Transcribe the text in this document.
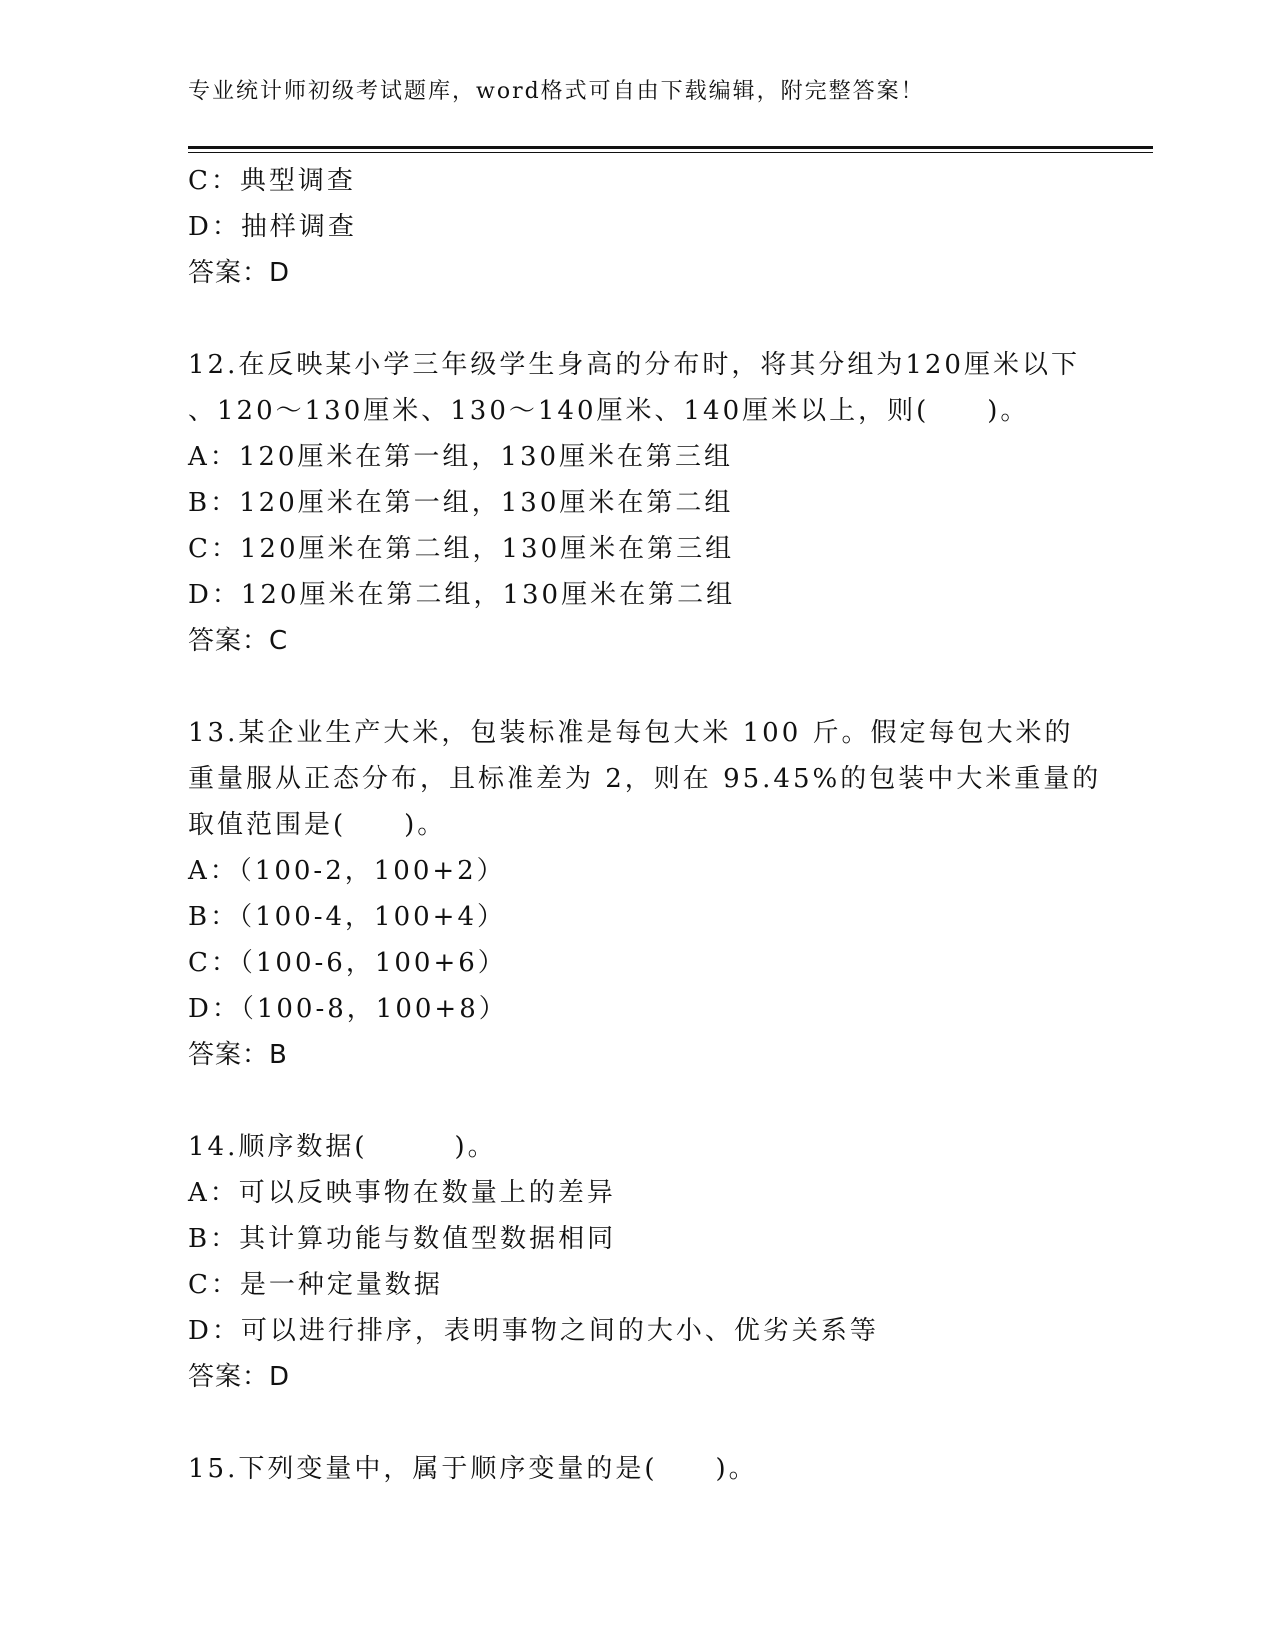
专业统计师初级考试题库，word格式可自由下载编辑，附完整答案！
C：典型调查
D：抽样调查
答案：D
12.在反映某小学三年级学生身高的分布时，将其分组为120厘米以下
、120～130厘米、130～140厘米、140厘米以上，则(　　)。
A：120厘米在第一组，130厘米在第三组
B：120厘米在第一组，130厘米在第二组
C：120厘米在第二组，130厘米在第三组
D：120厘米在第二组，130厘米在第二组
答案：C
13.某企业生产大米，包装标准是每包大米 100 斤。假定每包大米的
重量服从正态分布，且标准差为 2，则在 95.45%的包装中大米重量的
取值范围是(　　)。
A：（100-2，100+2）
B：（100-4，100+4）
C：（100-6，100+6）
D：（100-8，100+8）
答案：B
14.顺序数据(　　　)。
A：可以反映事物在数量上的差异
B：其计算功能与数值型数据相同
C：是一种定量数据
D：可以进行排序，表明事物之间的大小、优劣关系等
答案：D
15.下列变量中，属于顺序变量的是(　　)。
